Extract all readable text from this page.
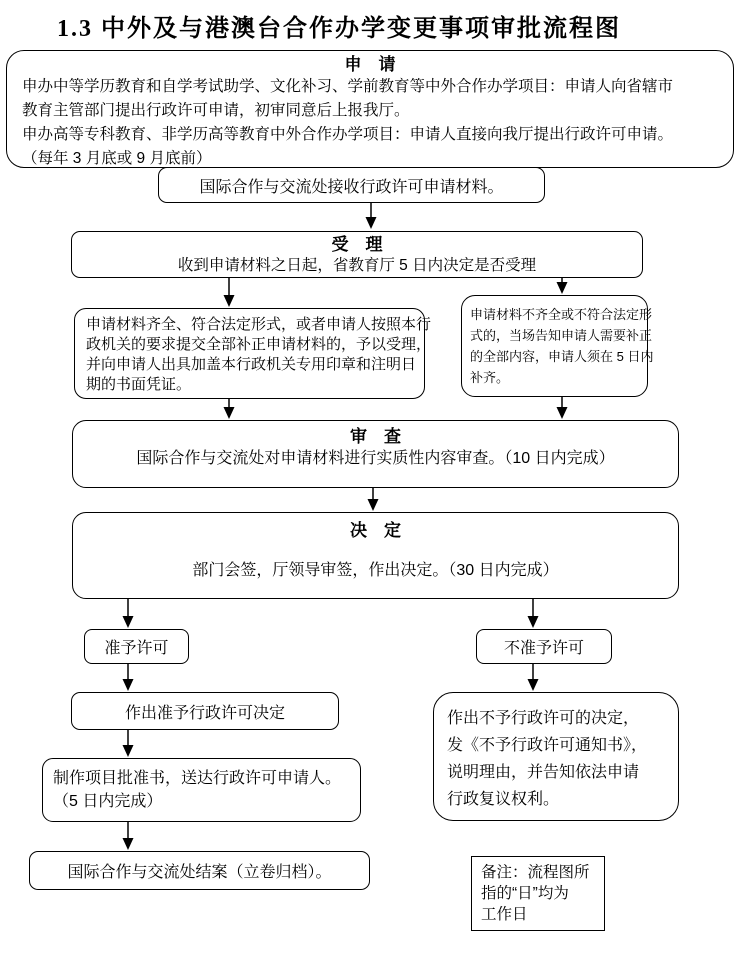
1.3 中外及与港澳台合作办学变更事项审批流程图
申　请
申办中等学历教育和自学考试助学、文化补习、学前教育等中外合作办学项目：申请人向省辖市
教育主管部门提出行政许可申请，初审同意后上报我厅。
申办高等专科教育、非学历高等教育中外合作办学项目：申请人直接向我厅提出行政许可申请。
（每年 3 月底或 9 月底前）
国际合作与交流处接收行政许可申请材料。
受　理
收到申请材料之日起，省教育厅 5 日内决定是否受理
申请材料齐全、符合法定形式，或者申请人按照本行
政机关的要求提交全部补正申请材料的，予以受理，
并向申请人出具加盖本行政机关专用印章和注明日
期的书面凭证。
申请材料不齐全或不符合法定形
式的，当场告知申请人需要补正
的全部内容，申请人须在 5 日内
补齐。
审　查
国际合作与交流处对申请材料进行实质性内容审查。（10 日内完成）
决　定
部门会签，厅领导审签，作出决定。（30 日内完成）
准予许可	不准予许可
作出准予行政许可决定
制作项目批准书，送达行政许可申请人。
（5 日内完成）
国际合作与交流处结案（立卷归档）。
作出不予行政许可的决定，
发《不予行政许可通知书》，
说明理由，并告知依法申请
行政复议权利。
备注：流程图所
指的“日”均为
工作日
